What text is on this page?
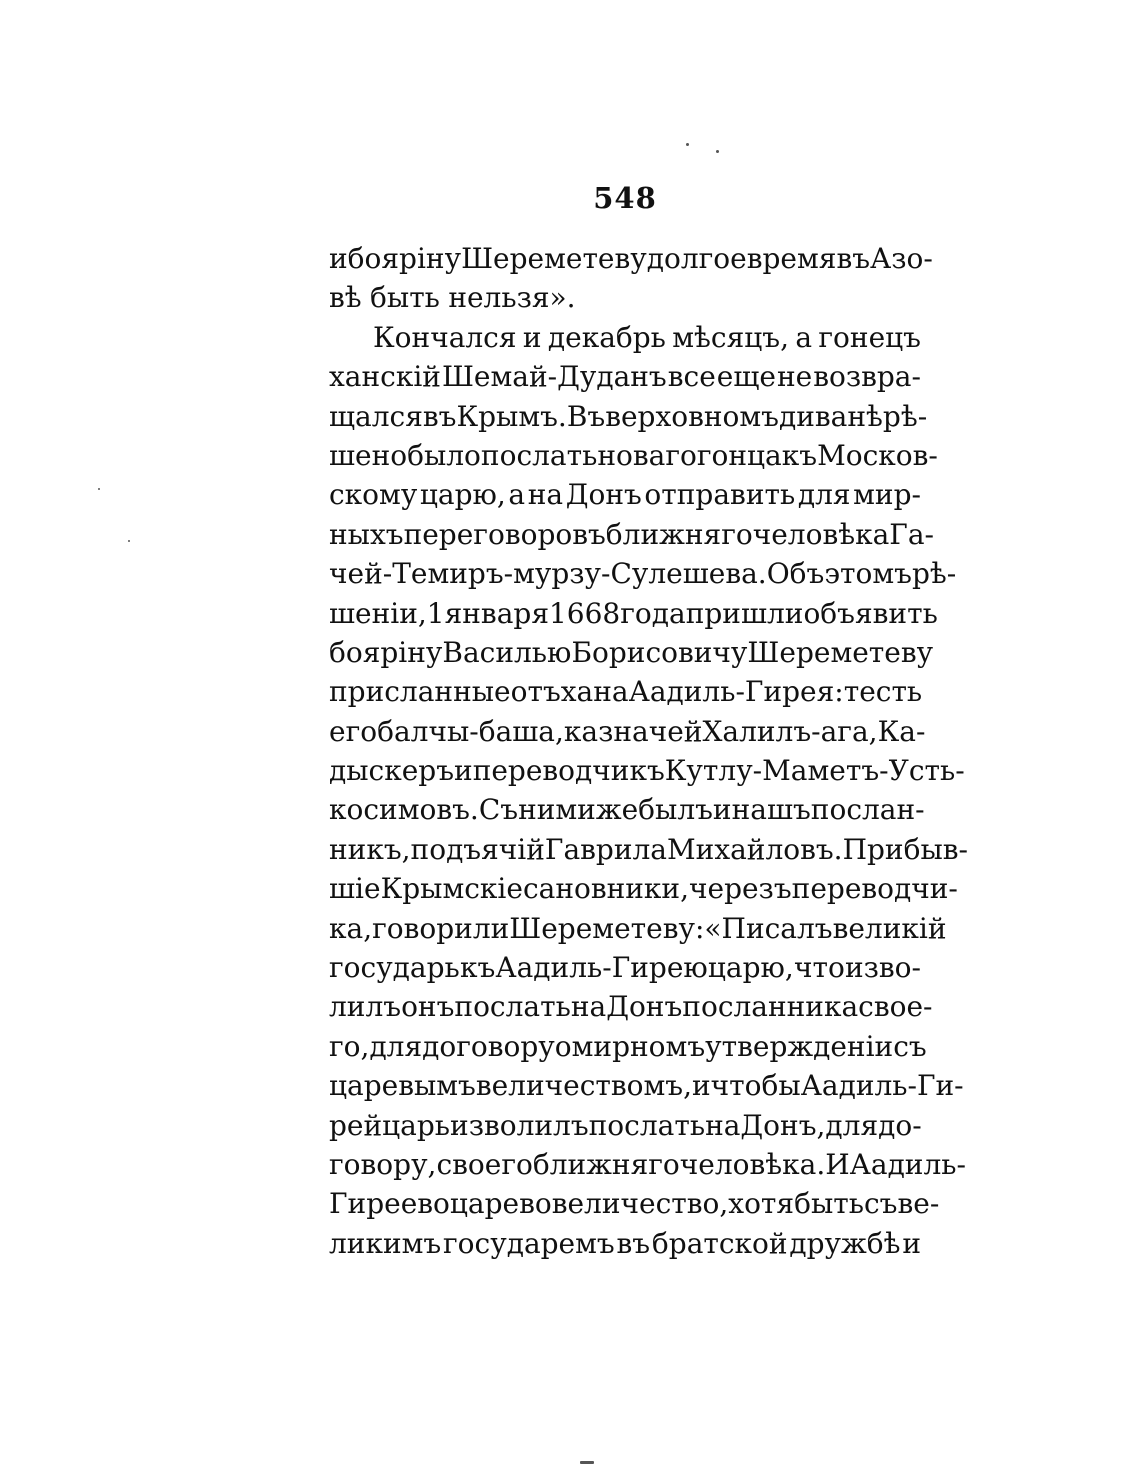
548
и бояріну Шереметеву долгое время въ Азо-
вѣ быть нельзя».
Кончался и декабрь мѣсяцъ, а гонецъ
ханскій Шемай-Дуданъ все еще не возвра-
щался въ Крымъ. Въ верховномъ диванѣ рѣ-
шено было послать новаго гонца къ Москов-
скому царю, а на Донъ отправить для мир-
ныхъ переговоровъ ближняго человѣка Га-
чей-Темиръ-мурзу-Сулешева. Объ этомъ рѣ-
шеніи, 1 января 1668 года пришли объявить
бояріну Василью Борисовичу Шереметеву
присланные отъ хана Аадиль-Гирея: тесть
его балчы-баша, казначей Халилъ-ага, Ка-
дыскеръ и переводчикъ Кутлу-Маметъ-Усть-
косимовъ. Съ ними же былъ и нашъ послан-
никъ, подъячій Гаврила Михайловъ. Прибыв-
шіе Крымскіе сановники, черезъ переводчи-
ка, говорили Шереметеву: «Писалъ великій
государь къ Аадиль-Гирею царю, что изво-
лилъ онъ послать на Донъ посланника свое-
го, для договору о мирномъ утвержденіи съ
царевымъ величествомъ, и чтобы Аадиль-Ги-
рей царь изволилъ послать на Донъ, для до-
говору, своего ближняго человѣка. И Аадиль-
Гиреево царево величество, хотя быть съ ве-
ликимъ государемъ въ братской дружбѣ и
